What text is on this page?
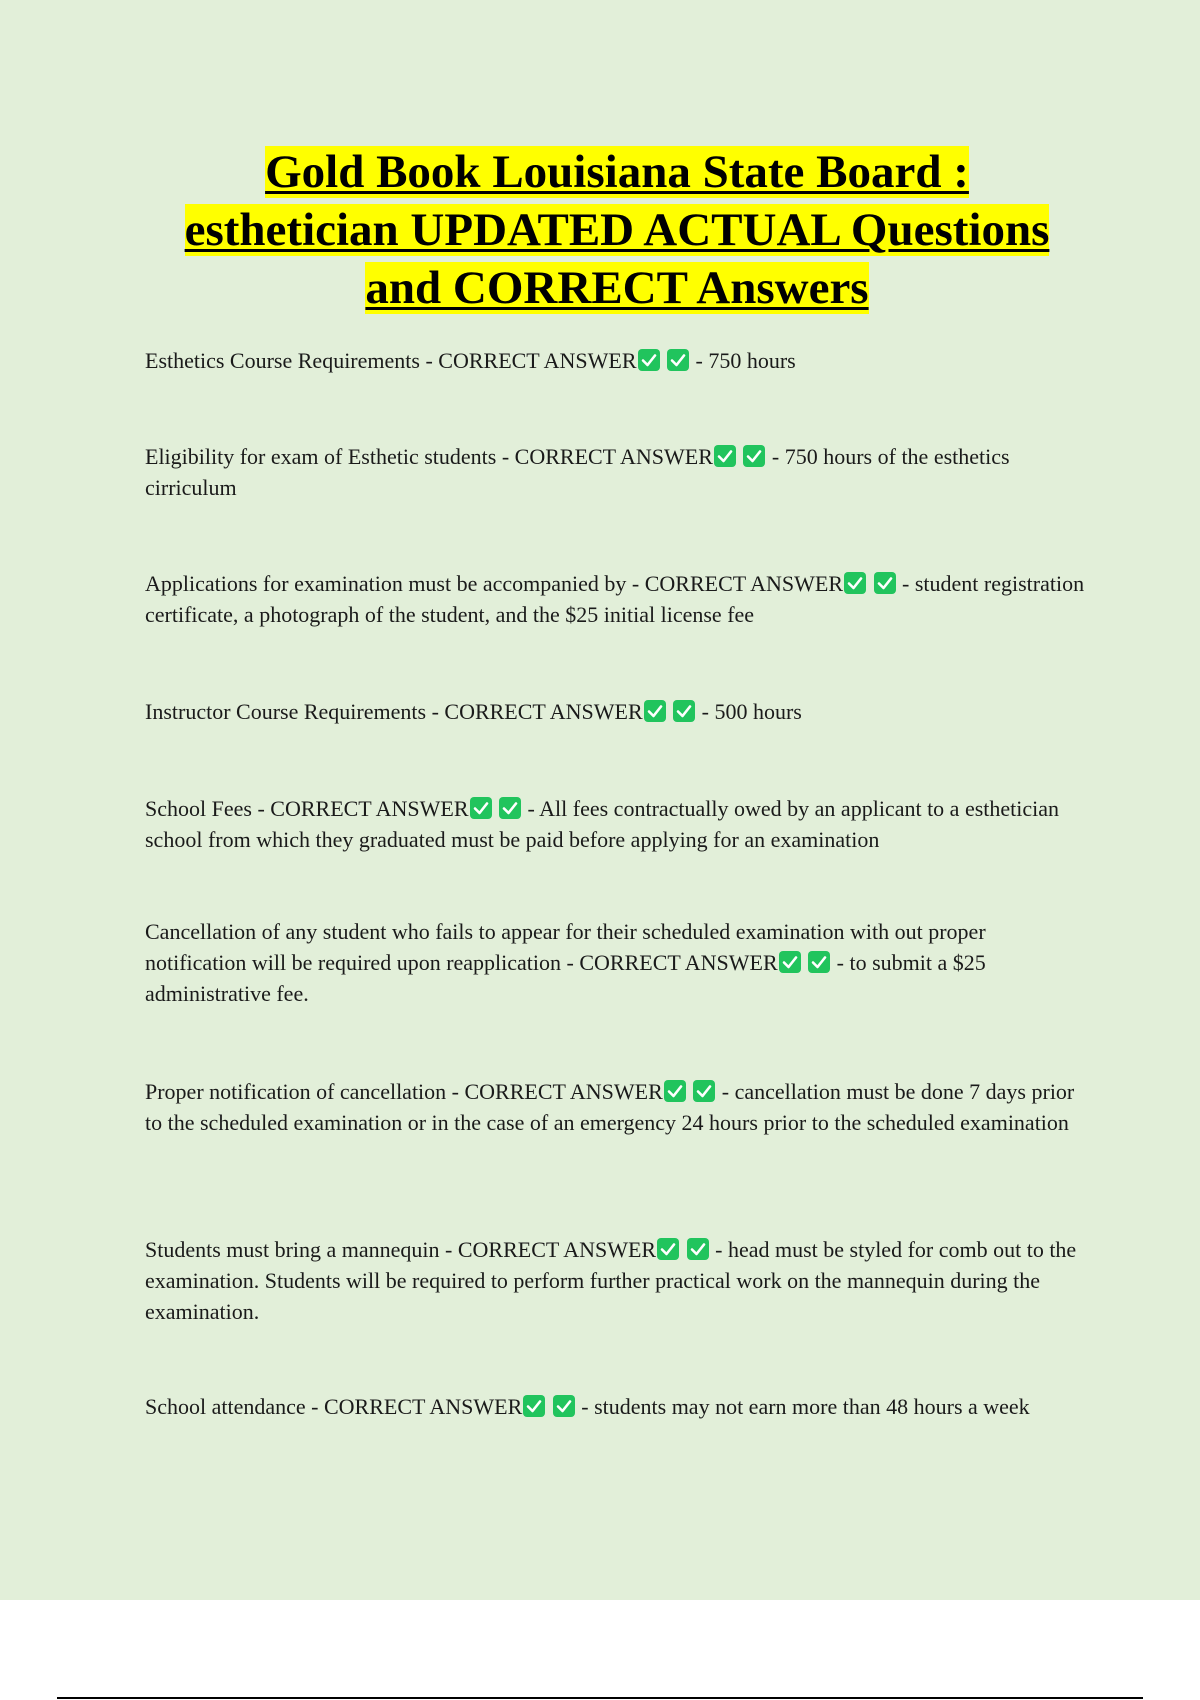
Gold Book Louisiana State Board :
esthetician UPDATED ACTUAL Questions
and CORRECT Answers
Esthetics Course Requirements - CORRECT ANSWER

- 750 hours
Eligibility for exam of Esthetic students - CORRECT ANSWER

- 750 hours of the esthetics cirriculum
Applications for examination must be accompanied by - CORRECT ANSWER

- student registration certificate, a photograph of the student, and the $25 initial license fee
Instructor Course Requirements - CORRECT ANSWER

- 500 hours
School Fees - CORRECT ANSWER

- All fees contractually owed by an applicant to a esthetician school from which they graduated must be paid before applying for an examination
Cancellation of any student who fails to appear for their scheduled examination with out proper notification will be required upon reapplication - CORRECT ANSWER

- to submit a $25 administrative fee.
Proper notification of cancellation - CORRECT ANSWER

- cancellation must be done 7 days prior to the scheduled examination or in the case of an emergency 24 hours prior to the scheduled examination
Students must bring a mannequin - CORRECT ANSWER

- head must be styled for comb out to the examination. Students will be required to perform further practical work on the mannequin during the examination.
School attendance - CORRECT ANSWER

- students may not earn more than 48 hours a week
